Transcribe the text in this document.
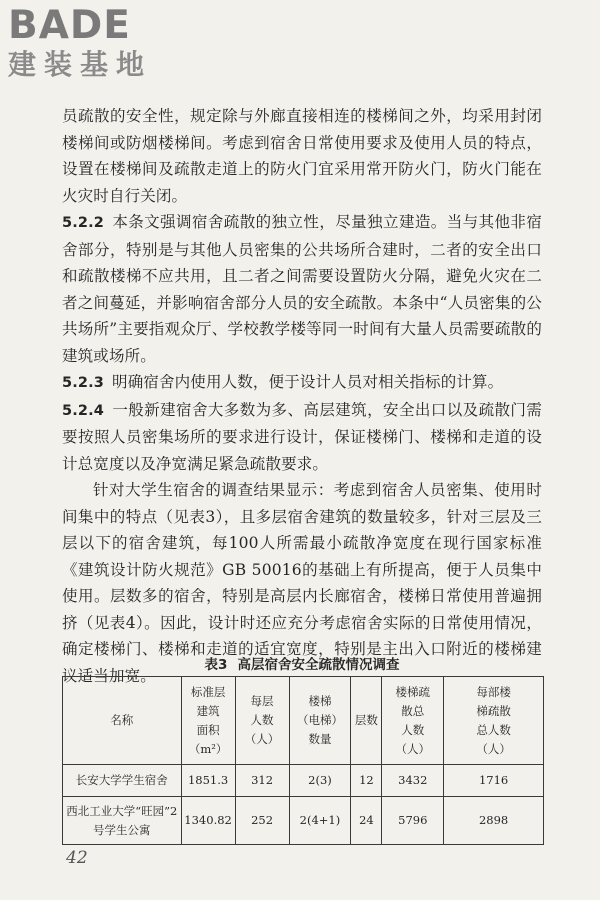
BADE
建装基地

员疏散的安全性，规定除与外廊直接相连的楼梯间之外，均采用封闭楼梯间或防烟楼梯间。考虑到宿舍日常使用要求及使用人员的特点，设置在楼梯间及疏散走道上的防火门宜采用常开防火门，防火门能在火灾时自行关闭。

5.2.2 本条文强调宿舍疏散的独立性，尽量独立建造。当与其他非宿舍部分，特别是与其他人员密集的公共场所合建时，二者的安全出口和疏散楼梯不应共用，且二者之间需要设置防火分隔，避免火灾在二者之间蔓延，并影响宿舍部分人员的安全疏散。本条中“人员密集的公共场所”主要指观众厅、学校教学楼等同一时间有大量人员需要疏散的建筑或场所。

5.2.3 明确宿舍内使用人数，便于设计人员对相关指标的计算。

5.2.4 一般新建宿舍大多数为多、高层建筑，安全出口以及疏散门需要按照人员密集场所的要求进行设计，保证楼梯门、楼梯和走道的设计总宽度以及净宽满足紧急疏散要求。

针对大学生宿舍的调查结果显示：考虑到宿舍人员密集、使用时间集中的特点（见表3），且多层宿舍建筑的数量较多，针对三层及三层以下的宿舍建筑，每100人所需最小疏散净宽度在现行国家标准《建筑设计防火规范》GB 50016的基础上有所提高，便于人员集中使用。层数多的宿舍，特别是高层内长廊宿舍，楼梯日常使用普遍拥挤（见表4）。因此，设计时还应充分考虑宿舍实际的日常使用情况，确定楼梯门、楼梯和走道的适宜宽度，特别是主出入口附近的楼梯建议适当加宽。

表3 高层宿舍安全疏散情况调查
名称	标准层
建筑
面积
（m²）	每层
人数
（人）	楼梯
（电梯）
数量	层数	楼梯疏
散总
人数
（人）	每部楼
梯疏散
总人数
（人）

长安大学学生宿舍	1851.3	312	2(3)	12	3432	1716
西北工业大学“旺园”2号学生公寓	1340.82	252	2(4+1)	24	5796	2898
42
